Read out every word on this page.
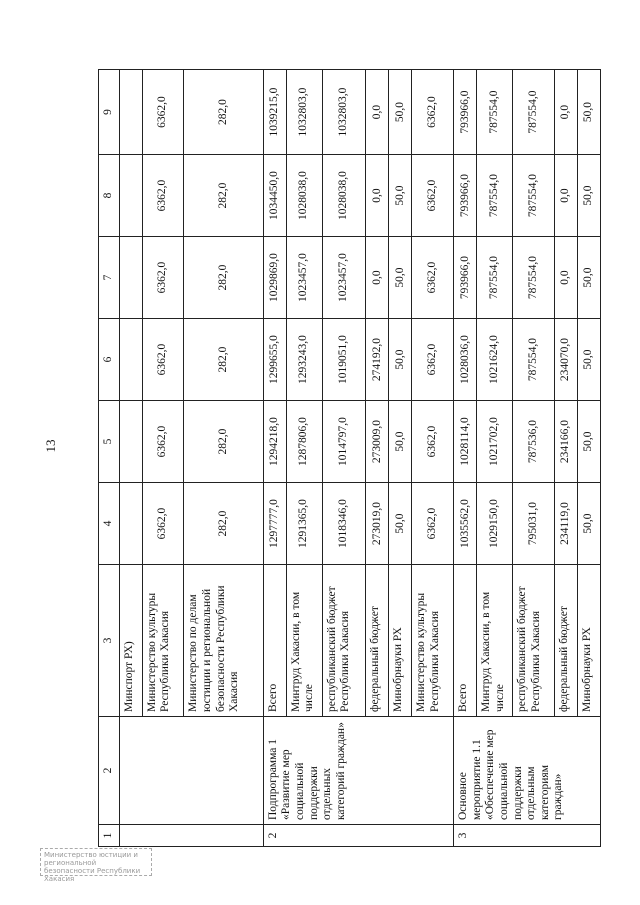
13
1	2	3	4	5	6	7	8	9
		Минспорт РХ)						
		Министерство культуры Республики Хакасия	6362,0	6362,0	6362,0	6362,0	6362,0	6362,0
		Министерство по делам юстиции и региональной безопасности Республики Хакасия	282,0	282,0	282,0	282,0	282,0	282,0
2	Подпрограмма 1 «Развитие мер социальной поддержки отдельных категорий граждан»	Всего	1297777,0	1294218,0	1299655,0	1029869,0	1034450,0	1039215,0
		Минтруд Хакасии, в том числе	1291365,0	1287806,0	1293243,0	1023457,0	1028038,0	1032803,0
		республиканский бюджет Республики Хакасия	1018346,0	1014797,0	1019051,0	1023457,0	1028038,0	1032803,0
		федеральный бюджет	273019,0	273009,0	274192,0	0,0	0,0	0,0
		Минобрнауки РХ	50,0	50,0	50,0	50,0	50,0	50,0
		Министерство культуры Республики Хакасия	6362,0	6362,0	6362,0	6362,0	6362,0	6362,0
3	Основное мероприятие 1.1 «Обеспечение мер социальной поддержки отдельным категориям граждан»	Всего	1035562,0	1028114,0	1028036,0	793966,0	793966,0	793966,0
		Минтруд Хакасии, в том числе	1029150,0	1021702,0	1021624,0	787554,0	787554,0	787554,0
		республиканский бюджет Республики Хакасия	795031,0	787536,0	787554,0	787554,0	787554,0	787554,0
		федеральный бюджет	234119,0	234166,0	234070,0	0,0	0,0	0,0
		Минобрнауки РХ	50,0	50,0	50,0	50,0	50,0	50,0
Министерство юстиции и региональной безопасности Республики Хакасия
